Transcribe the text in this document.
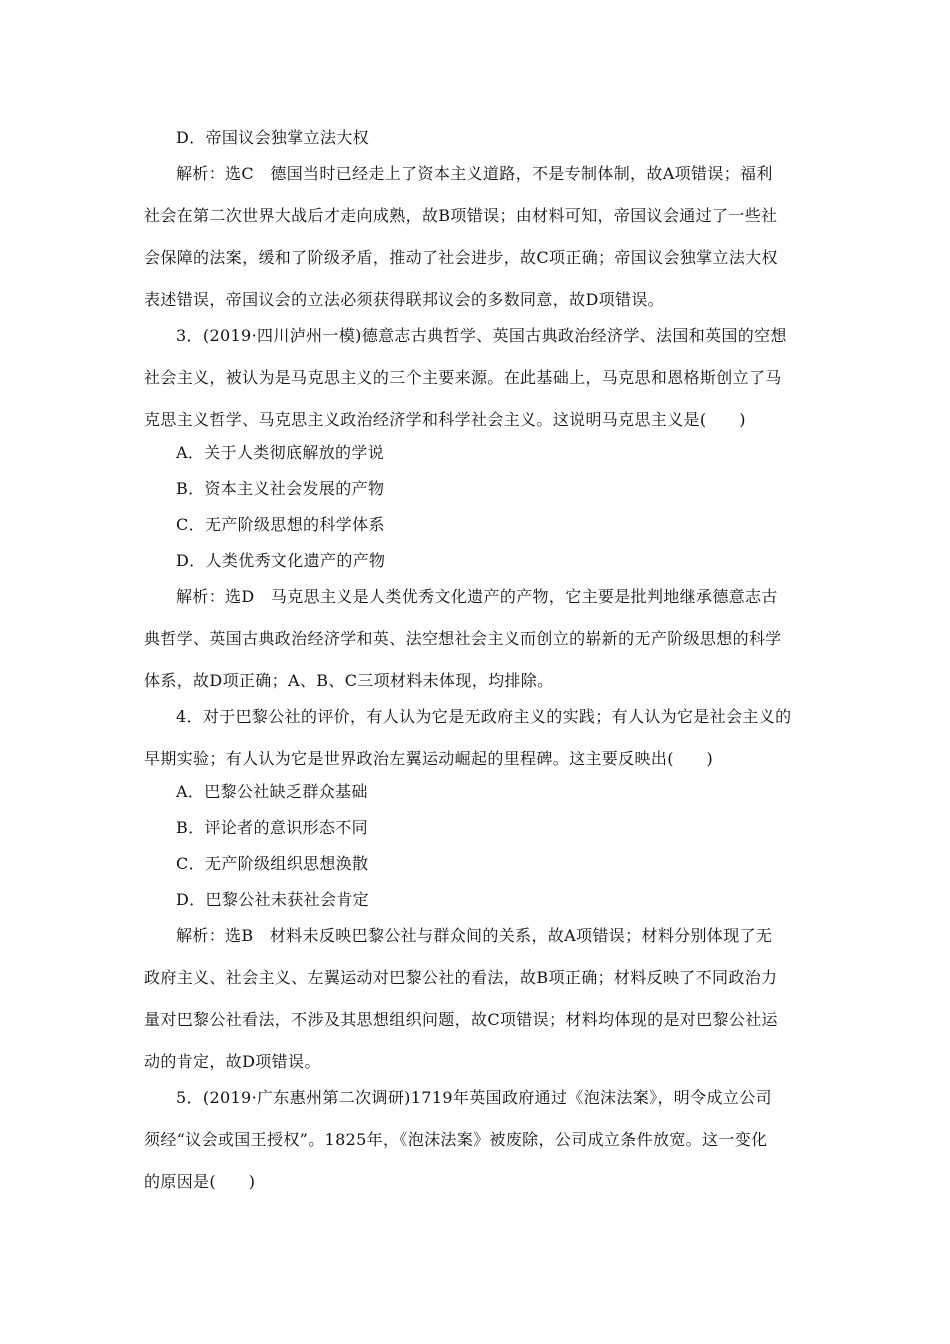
D．帝国议会独掌立法大权
解析：选C　德国当时已经走上了资本主义道路，不是专制体制，故A项错误；福利
社会在第二次世界大战后才走向成熟，故B项错误；由材料可知，帝国议会通过了一些社
会保障的法案，缓和了阶级矛盾，推动了社会进步，故C项正确；帝国议会独掌立法大权
表述错误，帝国议会的立法必须获得联邦议会的多数同意，故D项错误。
3．(2019·四川泸州一模)德意志古典哲学、英国古典政治经济学、法国和英国的空想
社会主义，被认为是马克思主义的三个主要来源。在此基础上，马克思和恩格斯创立了马
克思主义哲学、马克思主义政治经济学和科学社会主义。这说明马克思主义是(　　)
A．关于人类彻底解放的学说
B．资本主义社会发展的产物
C．无产阶级思想的科学体系
D．人类优秀文化遗产的产物
解析：选D　马克思主义是人类优秀文化遗产的产物，它主要是批判地继承德意志古
典哲学、英国古典政治经济学和英、法空想社会主义而创立的崭新的无产阶级思想的科学
体系，故D项正确；A、B、C三项材料未体现，均排除。
4．对于巴黎公社的评价，有人认为它是无政府主义的实践；有人认为它是社会主义的
早期实验；有人认为它是世界政治左翼运动崛起的里程碑。这主要反映出(　　)
A．巴黎公社缺乏群众基础
B．评论者的意识形态不同
C．无产阶级组织思想涣散
D．巴黎公社未获社会肯定
解析：选B　材料未反映巴黎公社与群众间的关系，故A项错误；材料分别体现了无
政府主义、社会主义、左翼运动对巴黎公社的看法，故B项正确；材料反映了不同政治力
量对巴黎公社看法，不涉及其思想组织问题，故C项错误；材料均体现的是对巴黎公社运
动的肯定，故D项错误。
5．(2019·广东惠州第二次调研)1719年英国政府通过《泡沫法案》，明令成立公司
须经“议会或国王授权”。1825年，《泡沫法案》被废除，公司成立条件放宽。这一变化
的原因是(　　)
